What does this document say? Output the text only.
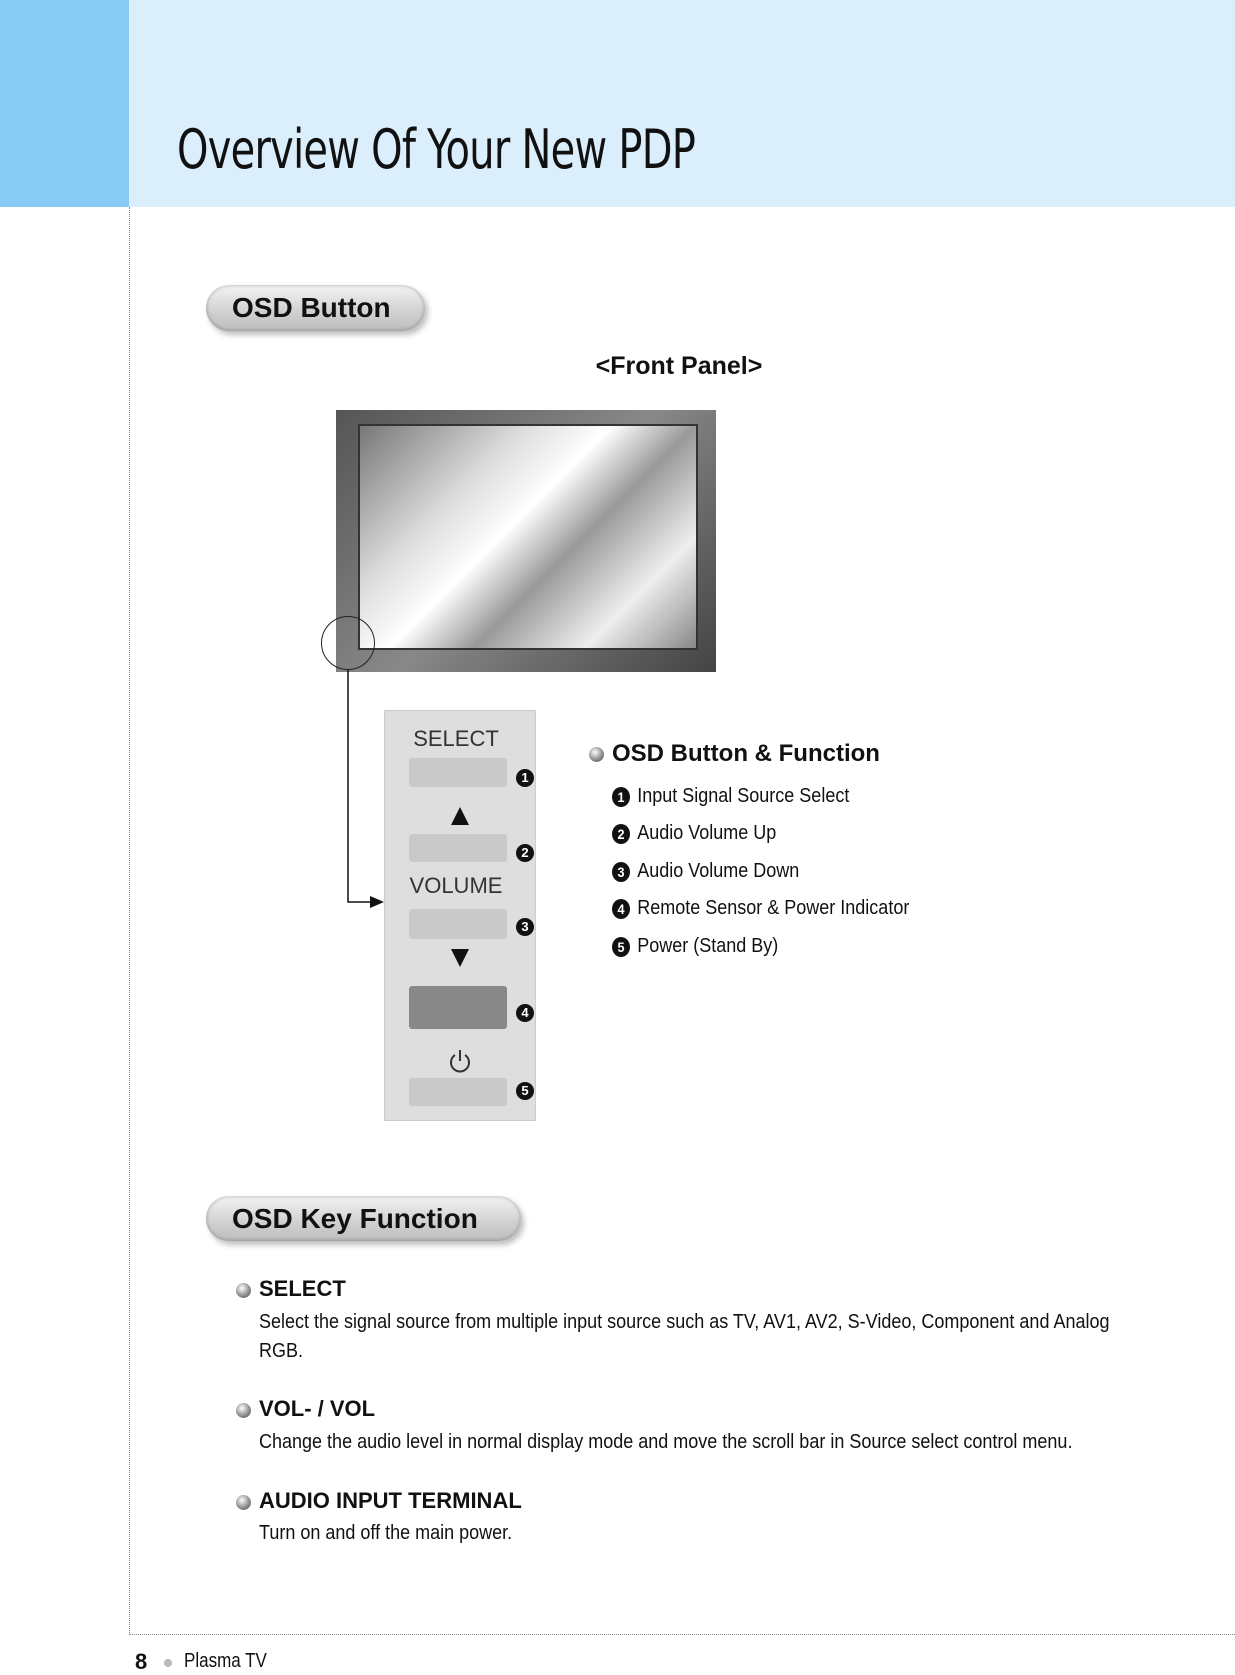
Overview Of Your New PDP
OSD Button
<Front Panel>
SELECT
1
2
VOLUME
3
4
5
OSD Button & Function
1 Input Signal Source Select
2 Audio Volume Up
3 Audio Volume Down
4 Remote Sensor & Power Indicator
5 Power (Stand By)
OSD Key Function
SELECT
Select the signal source from multiple input source such as TV, AV1, AV2, S-Video, Component and Analog
RGB.
VOL- / VOL
Change the audio level in normal display mode and move the scroll bar in Source select control menu.
AUDIO INPUT TERMINAL
Turn on and off the main power.
8 Plasma TV
